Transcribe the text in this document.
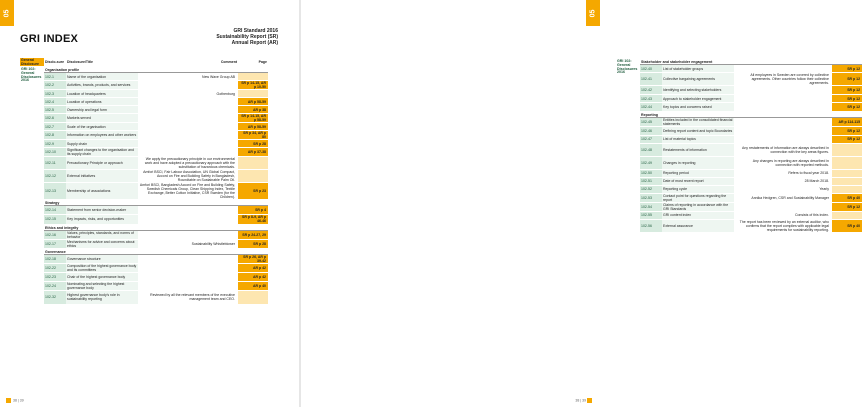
05
GRI INDEX
GRI Standard 2016
Sustainability Report (SR)
Annual Report (AR)
General Disclosure	Disclo-sure	Disclosure/Title	Comment	Page
GRI 102: General Disclosures 2016	Organisation profile			
	102-1	Name of the organisation	New Wave Group AB	
	102-2	Activities, brands, products, and services		SR p 14-15, AR p 10-50
	102-3	Location of headquarters	Gothenburg	
	102-4	Location of operations		AR p 58-59
	102-5	Ownership and legal form		AR p 38
	102-6	Markets served		SR p 14-15, AR p 58-59
	102-7	Scale of the organisation		AR p 58-59
	102-8	Information on employees and other workers		SR p 34, AR p 80
	102-9	Supply chain		SR p 28
	102-10	Significant changes to the organisation and its supply chain		AR p 37-38
	102-11	Precautionary Principle or approach	We apply the precautionary principle in our environmental work and have adopted a precautionary approach with the substitution of hazardous chemicals.	
	102-12	External initiatives	Amfori BSCI, Fair Labour Association, UN Global Compact, Accord on Fire and Building Safety in Bangladesh, Roundtable on Sustainable Palm Oil.	
	102-13	Membership of associations	Amfori BSCI, Bangladesh Accord on Fire and Building Safety, Swedish Chemicals Group, Clean Shipping Index, Textile Exchange, Better Cotton Initiative, CSR Sweden (for the Children).	SR p 23
	Strategy			
	102-14	Statement from senior decision-maker		SR p 4
	102-15	Key impacts, risks, and opportunities		SR p 8-9, AR p 46-46
	Ethics and integrity			
	102-16	Values, principles, standards, and norms of behavior		SR p 24-27, 29
	102-17	Mechanisms for advice and concerns about ethics	Sustainability Whistleblower	SR p 28
	Governance			
	102-18	Governance structure		SR p 26, AR p 39-42
	102-22	Composition of the highest governance body and its committees		AR p 42
	102-23	Chair of the highest governance body		AR p 42
	102-24	Nominating and selecting the highest governance body		AR p 40
	102-32	Highest governance body's role in sustainability reporting	Reviewed by all the relevant members of the executive management team and CEO.	
38 | 39
05
GRI 102: General Disclosures 2016	Stakeholder and stakeholder engagement			
	102-40	List of stakeholder groups		SR p 12
	102-41	Collective bargaining agreements	All employees in Sweden are covered by collective agreements. Other countries follow their collective agreements.	SR p 12
	102-42	Identifying and selecting stakeholders		SR p 12
	102-43	Approach to stakeholder engagement		SR p 12
	102-44	Key topics and concerns raised		SR p 12
	Reporting			
	102-45	Entities included in the consolidated financial statements		AR p 114-115
	102-46	Defining report content and topic Boundaries		SR p 12
	102-47	List of material topics		SR p 12
	102-48	Restatements of information	Any restatements of information are always described in connection with the key areas figures.	
	102-49	Changes in reporting	Any changes in reporting are always described in connection with reported methods.	
	102-50	Reporting period	Refers to fiscal year 2018.	
	102-51	Date of most recent report	28 March 2018.	
	102-52	Reporting cycle	Yearly	
	102-53	Contact point for questions regarding the report	Annika Hedgren, CSR and Sustainability Manager	SR p 40
	102-54	Claims of reporting in accordance with the GRI Standards		SR p 12
	102-55	GRI content index	Consists of this index.	
	102-56	External assurance	The report has been reviewed by an external auditor, who confirms that the report complies with applicable legal requirements for sustainability reporting.	SR p 40
38 | 39
